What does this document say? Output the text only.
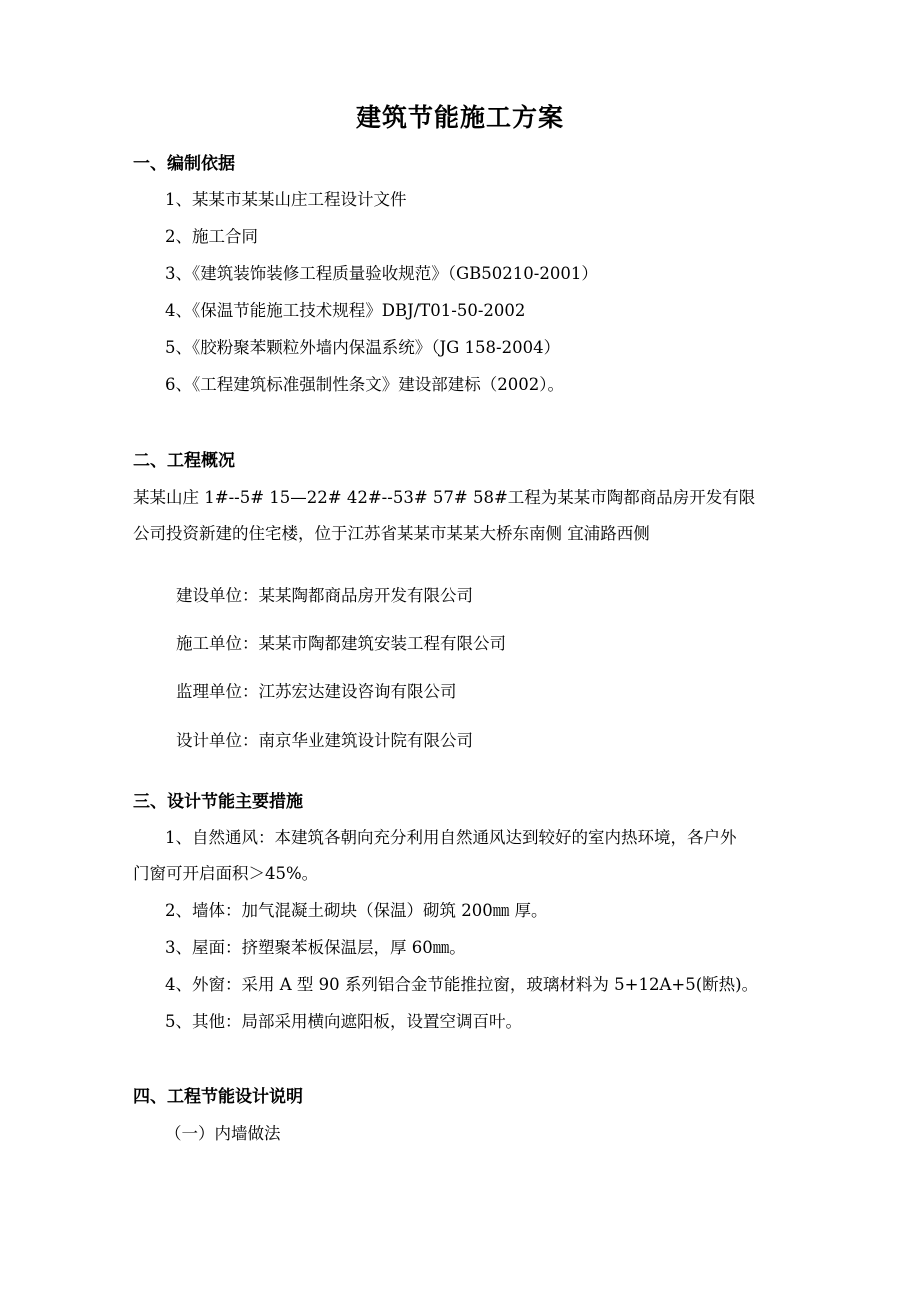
建筑节能施工方案
一、编制依据
1、某某市某某山庄工程设计文件
2、施工合同
3、《建筑装饰装修工程质量验收规范》（GB50210-2001）
4、《保温节能施工技术规程》DBJ/T01-50-2002
5、《胶粉聚苯颗粒外墙内保温系统》（JG 158-2004）
6、《工程建筑标准强制性条文》建设部建标（2002）。
二、工程概况
某某山庄 1#--5# 15—22# 42#--53# 57# 58#工程为某某市陶都商品房开发有限
公司投资新建的住宅楼，位于江苏省某某市某某大桥东南侧 宜浦路西侧
建设单位：某某陶都商品房开发有限公司
施工单位：某某市陶都建筑安装工程有限公司
监理单位：江苏宏达建设咨询有限公司
设计单位：南京华业建筑设计院有限公司
三、设计节能主要措施
1、自然通风：本建筑各朝向充分利用自然通风达到较好的室内热环境，各户外
门窗可开启面积＞45%。
2、墙体：加气混凝土砌块（保温）砌筑 200㎜ 厚。
3、屋面：挤塑聚苯板保温层，厚 60㎜。
4、外窗：采用 A 型 90 系列铝合金节能推拉窗，玻璃材料为 5+12A+5(断热)。
5、其他：局部采用横向遮阳板，设置空调百叶。
四、工程节能设计说明
（一）内墙做法
